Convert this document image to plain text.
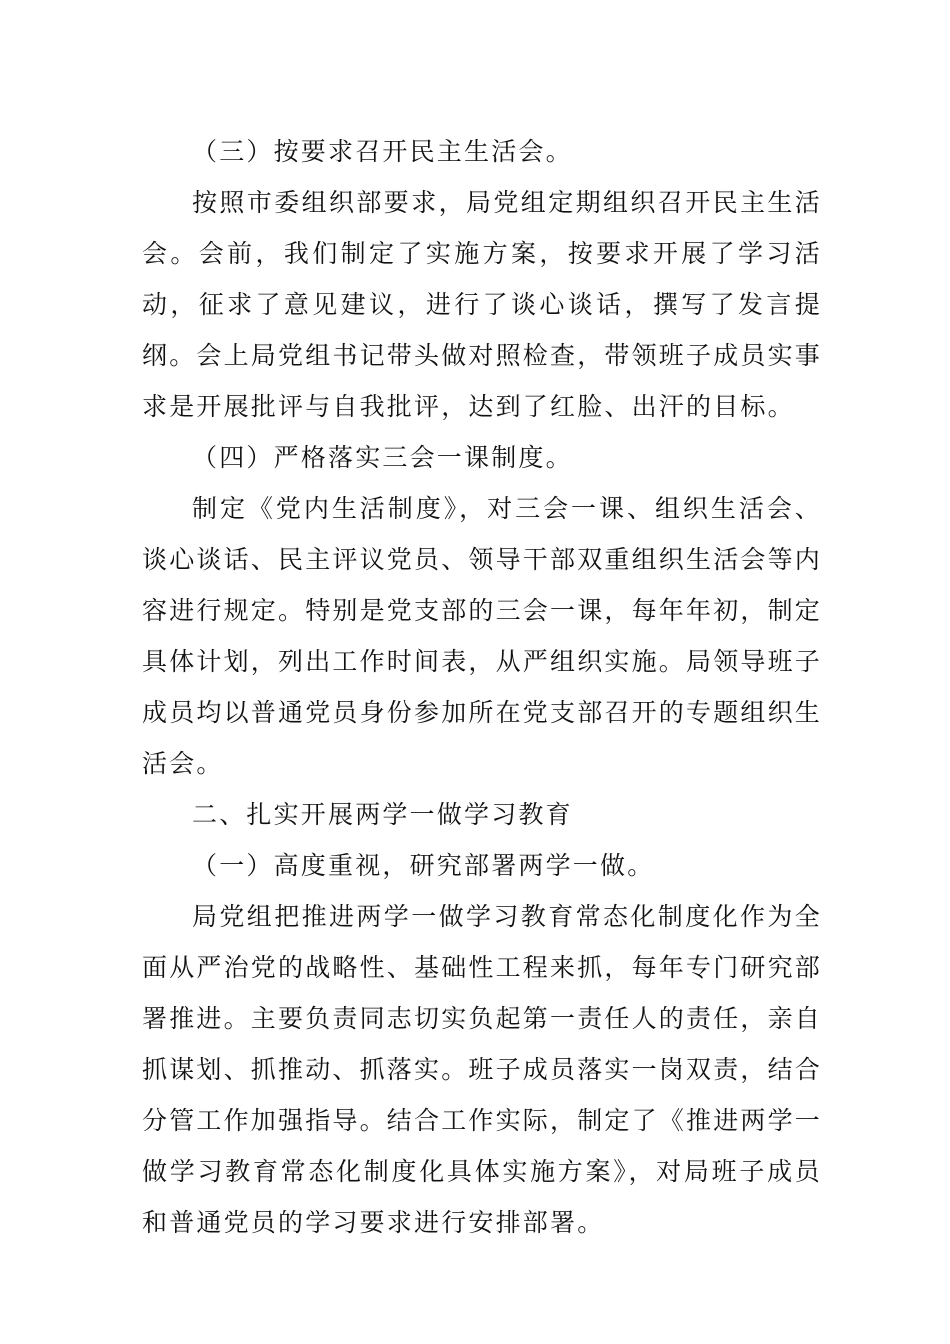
（三）按要求召开民主生活会。

按照市委组织部要求，局党组定期组织召开民主生活会。会前，我们制定了实施方案，按要求开展了学习活动，征求了意见建议，进行了谈心谈话，撰写了发言提纲。会上局党组书记带头做对照检查，带领班子成员实事求是开展批评与自我批评，达到了红脸、出汗的目标。

（四）严格落实三会一课制度。

制定《党内生活制度》，对三会一课、组织生活会、谈心谈话、民主评议党员、领导干部双重组织生活会等内容进行规定。特别是党支部的三会一课，每年年初，制定具体计划，列出工作时间表，从严组织实施。局领导班子成员均以普通党员身份参加所在党支部召开的专题组织生活会。

二、扎实开展两学一做学习教育

（一）高度重视，研究部署两学一做。

局党组把推进两学一做学习教育常态化制度化作为全面从严治党的战略性、基础性工程来抓，每年专门研究部署推进。主要负责同志切实负起第一责任人的责任，亲自抓谋划、抓推动、抓落实。班子成员落实一岗双责，结合分管工作加强指导。结合工作实际，制定了《推进两学一做学习教育常态化制度化具体实施方案》，对局班子成员和普通党员的学习要求进行安排部署。
